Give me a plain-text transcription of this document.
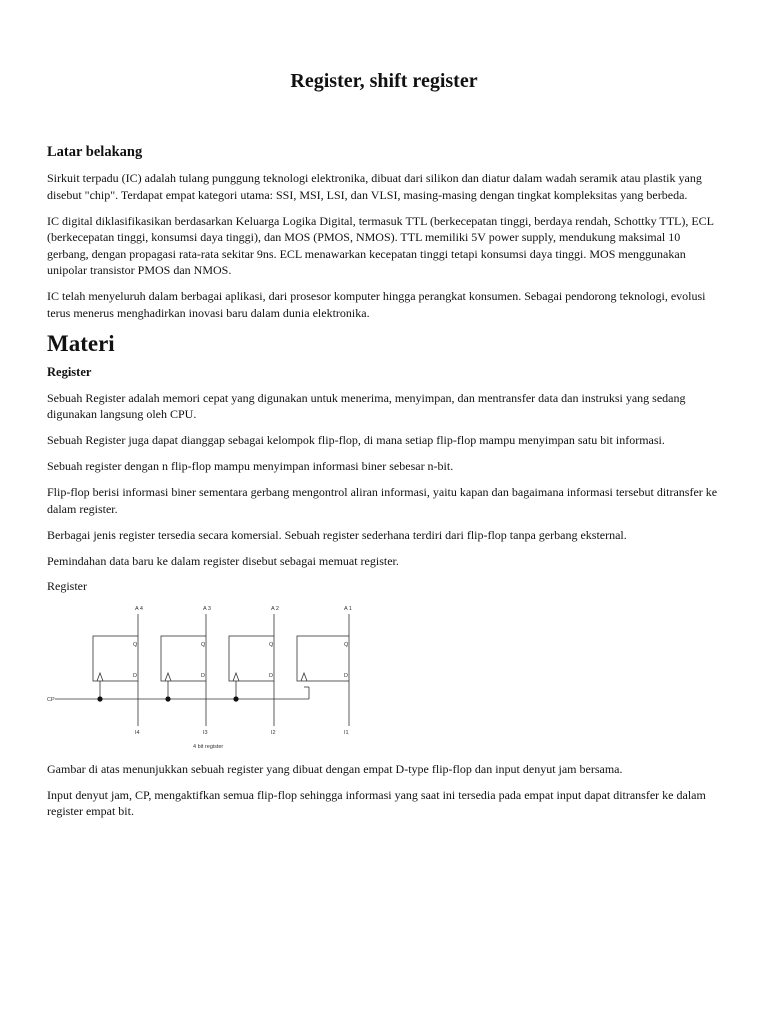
Register, shift register
Latar belakang

Sirkuit terpadu (IC) adalah tulang punggung teknologi elektronika, dibuat dari silikon dan diatur dalam wadah seramik atau plastik yang disebut "chip". Terdapat empat kategori utama: SSI, MSI, LSI, dan VLSI, masing-masing dengan tingkat kompleksitas yang berbeda.

IC digital diklasifikasikan berdasarkan Keluarga Logika Digital, termasuk TTL (berkecepatan tinggi, berdaya rendah, Schottky TTL), ECL (berkecepatan tinggi, konsumsi daya tinggi), dan MOS (PMOS, NMOS). TTL memiliki 5V power supply, mendukung maksimal 10 gerbang, dengan propagasi rata-rata sekitar 9ns. ECL menawarkan kecepatan tinggi tetapi konsumsi daya tinggi. MOS menggunakan unipolar transistor PMOS dan NMOS.

IC telah menyeluruh dalam berbagai aplikasi, dari prosesor komputer hingga perangkat konsumen. Sebagai pendorong teknologi, evolusi terus menerus menghadirkan inovasi baru dalam dunia elektronika.

Materi
Register

Sebuah Register adalah memori cepat yang digunakan untuk menerima, menyimpan, dan mentransfer data dan instruksi yang sedang digunakan langsung oleh CPU.

Sebuah Register juga dapat dianggap sebagai kelompok flip-flop, di mana setiap flip-flop mampu menyimpan satu bit informasi.

Sebuah register dengan n flip-flop mampu menyimpan informasi biner sebesar n-bit.

Flip-flop berisi informasi biner sementara gerbang mengontrol aliran informasi, yaitu kapan dan bagaimana informasi tersebut ditransfer ke dalam register.

Berbagai jenis register tersedia secara komersial. Sebuah register sederhana terdiri dari flip-flop tanpa gerbang eksternal.

Pemindahan data baru ke dalam register disebut sebagai memuat register.

Register
A 4	A 3	A 2	A 1
Q	Q	Q	Q
D	D	D	D
CP
I4	I3	I2	I1
4 bit register

Gambar di atas menunjukkan sebuah register yang dibuat dengan empat D-type flip-flop dan input denyut jam bersama.

Input denyut jam, CP, mengaktifkan semua flip-flop sehingga informasi yang saat ini tersedia pada empat input dapat ditransfer ke dalam register empat bit.
